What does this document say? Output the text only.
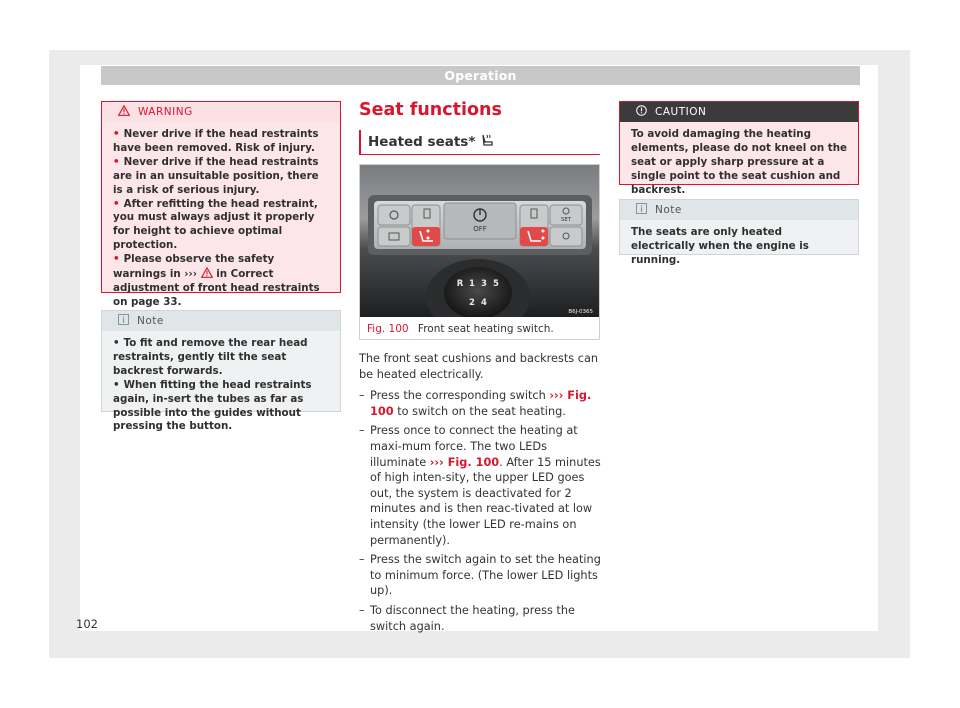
Operation
WARNING
• Never drive if the head restraints have been removed. Risk of injury.
• Never drive if the head restraints are in an unsuitable position, there is a risk of serious injury.
• After refitting the head restraint, you must always adjust it properly for height to achieve optimal protection.
• Please observe the safety warnings in ››› in Correct adjustment of front head restraints on page 33.
Note
• To fit and remove the rear head restraints, gently tilt the seat backrest forwards.
• When fitting the head restraints again, in-sert the tubes as far as possible into the guides without pressing the button.
Seat functions
Heated seats*
OFF
SET
R 1 3 5
2 4
B6J-0365
Fig. 100 Front seat heating switch.

The front seat cushions and backrests can be heated electrically.

– Press the corresponding switch ››› Fig. 100 to switch on the seat heating.
– Press once to connect the heating at maxi-mum force. The two LEDs illuminate ››› Fig. 100. After 15 minutes of high inten-sity, the upper LED goes out, the system is deactivated for 2 minutes and is then reac-tivated at low intensity (the lower LED re-mains on permanently).
– Press the switch again to set the heating to minimum force. (The lower LED lights up).
– To disconnect the heating, press the switch again.
CAUTION
To avoid damaging the heating elements, please do not kneel on the seat or apply sharp pressure at a single point to the seat cushion and backrest.
Note
The seats are only heated electrically when the engine is running.
102
